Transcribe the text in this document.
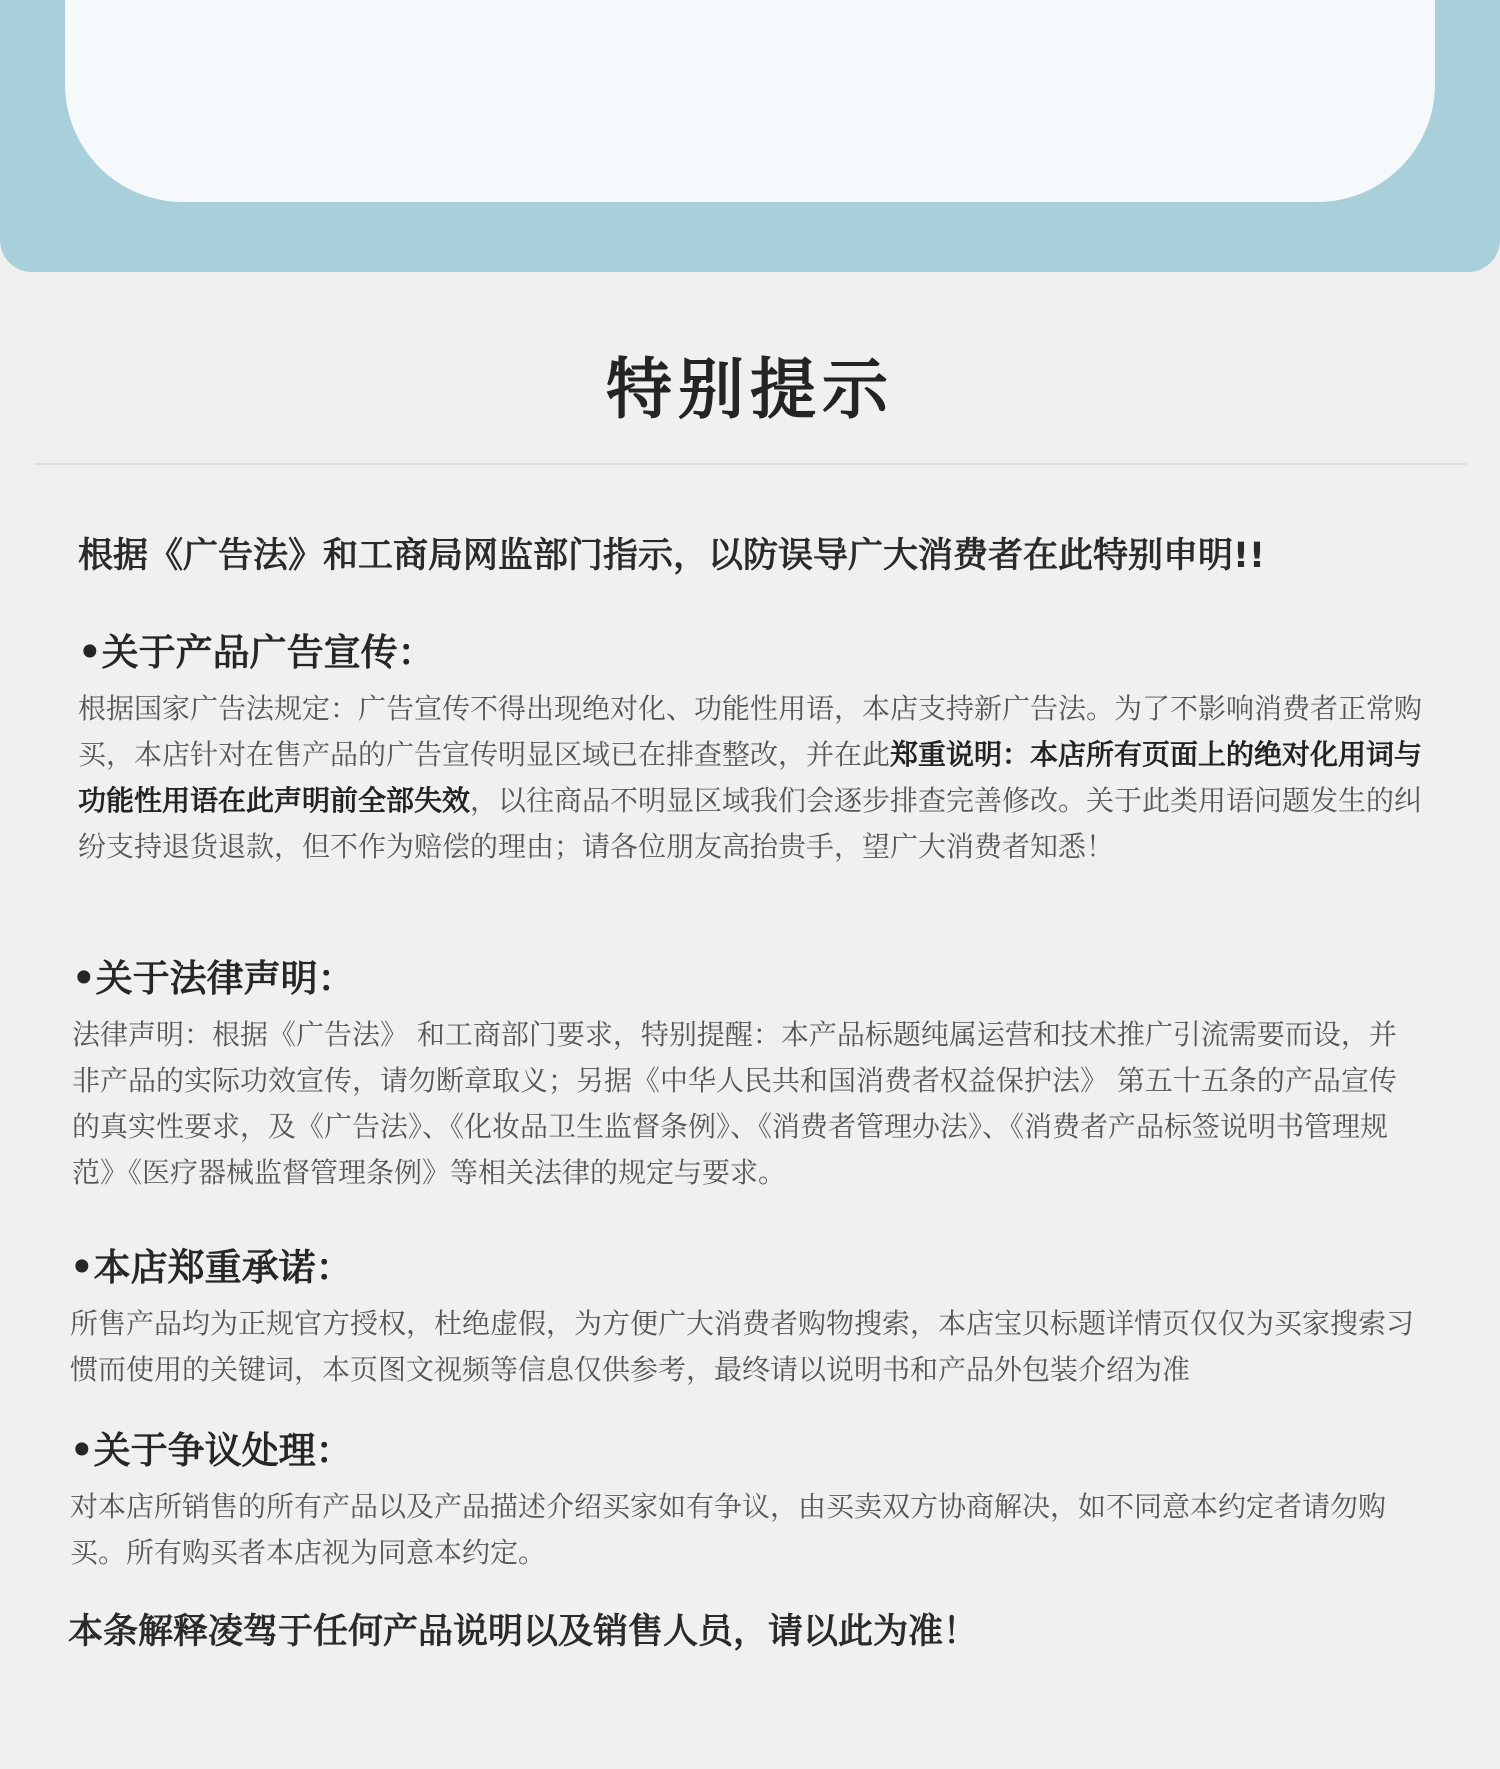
特别提示
根据《广告法》和工商局网监部门指示，以防误导广大消费者在此特别申明!!
•关于产品广告宣传：
根据国家广告法规定：广告宣传不得出现绝对化、功能性用语，本店支持新广告法。为了不影响消费者正常购买，本店针对在售产品的广告宣传明显区域已在排查整改，并在此郑重说明：本店所有页面上的绝对化用词与功能性用语在此声明前全部失效，以往商品不明显区域我们会逐步排查完善修改。关于此类用语问题发生的纠纷支持退货退款，但不作为赔偿的理由；请各位朋友高抬贵手，望广大消费者知悉！
•关于法律声明：
法律声明：根据《广告法》 和工商部门要求，特别提醒：本产品标题纯属运营和技术推广引流需要而设，并非产品的实际功效宣传，请勿断章取义；另据《中华人民共和国消费者权益保护法》 第五十五条的产品宣传的真实性要求，及《广告法》、《化妆品卫生监督条例》、《消费者管理办法》、《消费者产品标签说明书管理规范》《医疗器械监督管理条例》等相关法律的规定与要求。
•本店郑重承诺：
所售产品均为正规官方授权，杜绝虚假，为方便广大消费者购物搜索，本店宝贝标题详情页仅仅为买家搜索习惯而使用的关键词，本页图文视频等信息仅供参考，最终请以说明书和产品外包装介绍为准
•关于争议处理：
对本店所销售的所有产品以及产品描述介绍买家如有争议，由买卖双方协商解决，如不同意本约定者请勿购买。所有购买者本店视为同意本约定。
本条解释凌驾于任何产品说明以及销售人员，请以此为准！
